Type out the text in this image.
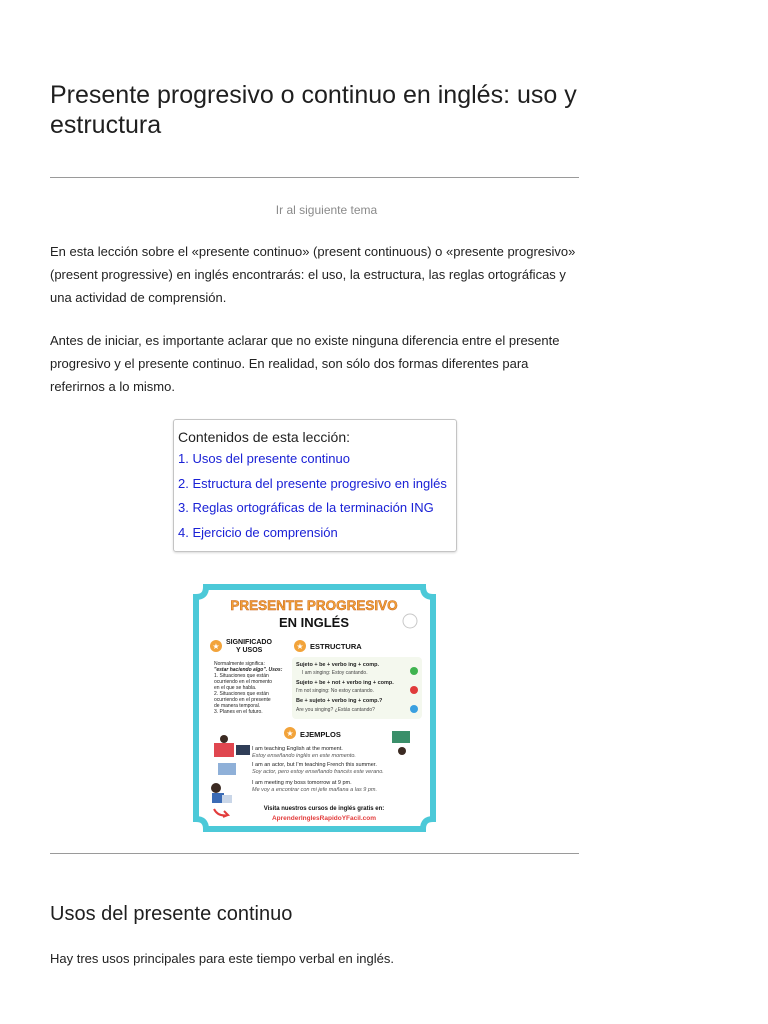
Presente progresivo o continuo en inglés: uso y estructura
Ir al siguiente tema

En esta lección sobre el «presente continuo» (present continuous) o «presente progresivo» (present progressive) en inglés encontrarás: el uso, la estructura, las reglas ortográficas y una actividad de comprensión.

Antes de iniciar, es importante aclarar que no existe ninguna diferencia entre el presente progresivo y el presente continuo. En realidad, son sólo dos formas diferentes para referirnos a lo mismo.

Contenidos de esta lección:

1. Usos del presente continuo
2. Estructura del presente progresivo en inglés
3. Reglas ortográficas de la terminación ING
4. Ejercicio de comprensión
PRESENTE PROGRESIVO
EN INGLÉS
★ SIGNIFICADO
Y USOS
Normalmente significa:
"estar haciendo algo". Usos:
1. Situaciones que están
ocurriendo en el momento
en el que se habla.
2. Situaciones que están
ocurriendo en el presente
de manera temporal.
3. Planes en el futuro.
★ ESTRUCTURA
Sujeto + be + verbo ing + comp.
I am singing: Estoy cantando.
Sujeto + be + not + verbo ing + comp.
I'm not singing: No estoy cantando.
Be + sujeto + verbo ing + comp.?
Are you singing? ¿Estás cantando?
★ EJEMPLOS
I am teaching English at the moment.
Estoy enseñando inglés en este momento.
I am an actor, but I'm teaching French this summer.
Soy actor, pero estoy enseñando francés este verano.
I am meeting my boss tomorrow at 9 pm.
Me voy a encontrar con mi jefe mañana a las 9 pm.
Visita nuestros cursos de inglés gratis en:
AprenderInglesRapidoYFacil.com
Usos del presente continuo

Hay tres usos principales para este tiempo verbal en inglés.
